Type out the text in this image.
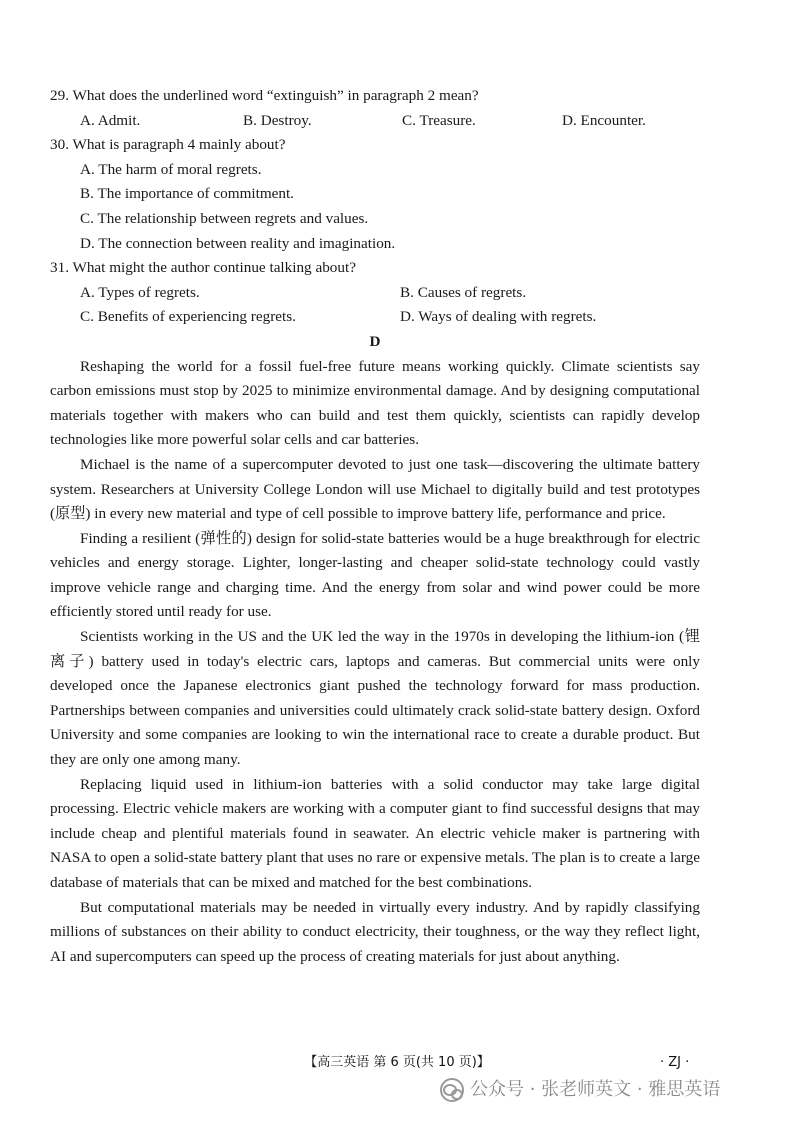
29. What does the underlined word “extinguish” in paragraph 2 mean?
A. Admit.	B. Destroy.	C. Treasure.	D. Encounter.
30. What is paragraph 4 mainly about?
A. The harm of moral regrets.
B. The importance of commitment.
C. The relationship between regrets and values.
D. The connection between reality and imagination.
31. What might the author continue talking about?
A. Types of regrets.	B. Causes of regrets.
C. Benefits of experiencing regrets.	D. Ways of dealing with regrets.
D

Reshaping the world for a fossil fuel-free future means working quickly. Climate scientists say carbon emissions must stop by 2025 to minimize environmental damage. And by designing computational materials together with makers who can build and test them quickly, scientists can rapidly develop technologies like more powerful solar cells and car batteries.

Michael is the name of a supercomputer devoted to just one task—discovering the ultimate battery system. Researchers at University College London will use Michael to digitally build and test prototypes (原型) in every new material and type of cell possible to improve battery life, performance and price.

Finding a resilient (弹性的) design for solid-state batteries would be a huge breakthrough for electric vehicles and energy storage. Lighter, longer-lasting and cheaper solid-state technology could vastly improve vehicle range and charging time. And the energy from solar and wind power could be more efficiently stored until ready for use.

Scientists working in the US and the UK led the way in the 1970s in developing the lithium-ion (锂离子) battery used in today's electric cars, laptops and cameras. But commercial units were only developed once the Japanese electronics giant pushed the technology forward for mass production. Partnerships between companies and universities could ultimately crack solid-state battery design. Oxford University and some companies are looking to win the international race to create a durable product. But they are only one among many.

Replacing liquid used in lithium-ion batteries with a solid conductor may take large digital processing. Electric vehicle makers are working with a computer giant to find successful designs that may include cheap and plentiful materials found in seawater. An electric vehicle maker is partnering with NASA to open a solid-state battery plant that uses no rare or expensive metals. The plan is to create a large database of materials that can be mixed and matched for the best combinations.

But computational materials may be needed in virtually every industry. And by rapidly classifying millions of substances on their ability to conduct electricity, their toughness, or the way they reflect light, AI and supercomputers can speed up the process of creating materials for just about anything.

【高三英语 第 6 页(共 10 页)】	· ZJ ·
公众号 · 张老师英文 · 雅思英语
